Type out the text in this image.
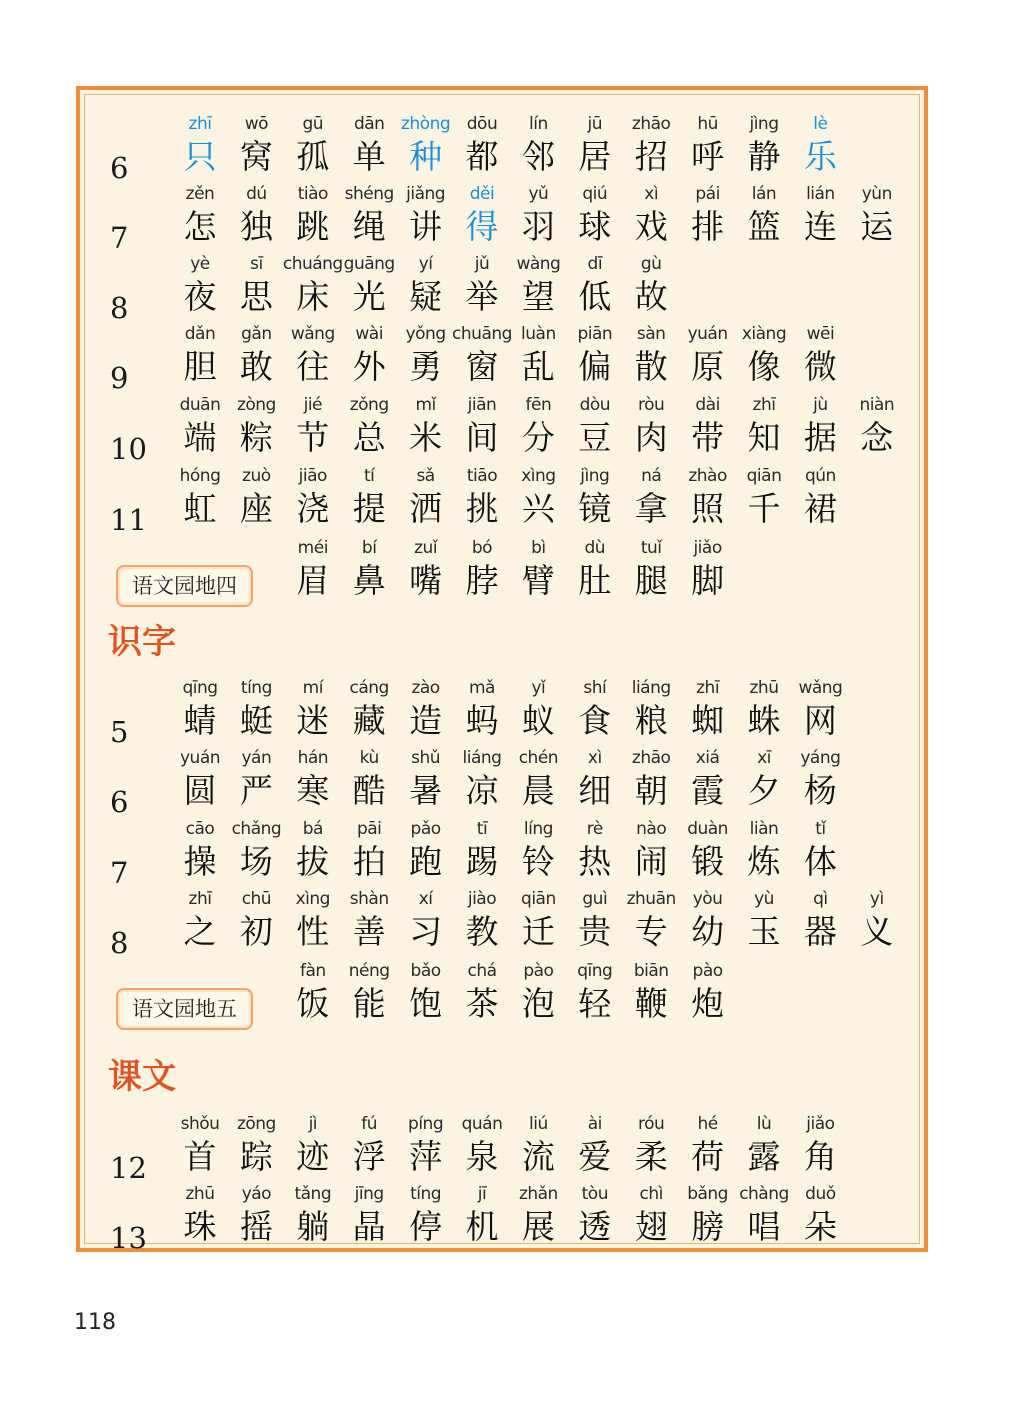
6
zhī
只
wō
窝
gū
孤
dān
单
zhòng
种
dōu
都
lín
邻
jū
居
zhāo
招
hū
呼
jìng
静
lè
乐
7
zěn
怎
dú
独
tiào
跳
shéng
绳
jiǎng
讲
děi
得
yǔ
羽
qiú
球
xì
戏
pái
排
lán
篮
lián
连
yùn
运
8
yè
夜
sī
思
chuáng
床
guāng
光
yí
疑
jǔ
举
wàng
望
dī
低
gù
故
9
dǎn
胆
gǎn
敢
wǎng
往
wài
外
yǒng
勇
chuāng
窗
luàn
乱
piān
偏
sàn
散
yuán
原
xiàng
像
wēi
微
10
duān
端
zòng
粽
jié
节
zǒng
总
mǐ
米
jiān
间
fēn
分
dòu
豆
ròu
肉
dài
带
zhī
知
jù
据
niàn
念
11
hóng
虹
zuò
座
jiāo
浇
tí
提
sǎ
洒
tiāo
挑
xìng
兴
jìng
镜
ná
拿
zhào
照
qiān
千
qún
裙
语文园地四
méi
眉
bí
鼻
zuǐ
嘴
bó
脖
bì
臂
dù
肚
tuǐ
腿
jiǎo
脚
识字
5
qīng
蜻
tíng
蜓
mí
迷
cáng
藏
zào
造
mǎ
蚂
yǐ
蚁
shí
食
liáng
粮
zhī
蜘
zhū
蛛
wǎng
网
6
yuán
圆
yán
严
hán
寒
kù
酷
shǔ
暑
liáng
凉
chén
晨
xì
细
zhāo
朝
xiá
霞
xī
夕
yáng
杨
7
cāo
操
chǎng
场
bá
拔
pāi
拍
pǎo
跑
tī
踢
líng
铃
rè
热
nào
闹
duàn
锻
liàn
炼
tǐ
体
8
zhī
之
chū
初
xìng
性
shàn
善
xí
习
jiào
教
qiān
迁
guì
贵
zhuān
专
yòu
幼
yù
玉
qì
器
yì
义
语文园地五
fàn
饭
néng
能
bǎo
饱
chá
茶
pào
泡
qīng
轻
biān
鞭
pào
炮
课文
12
shǒu
首
zōng
踪
jì
迹
fú
浮
píng
萍
quán
泉
liú
流
ài
爱
róu
柔
hé
荷
lù
露
jiǎo
角
13
zhū
珠
yáo
摇
tǎng
躺
jīng
晶
tíng
停
jī
机
zhǎn
展
tòu
透
chì
翅
bǎng
膀
chàng
唱
duǒ
朵
118
